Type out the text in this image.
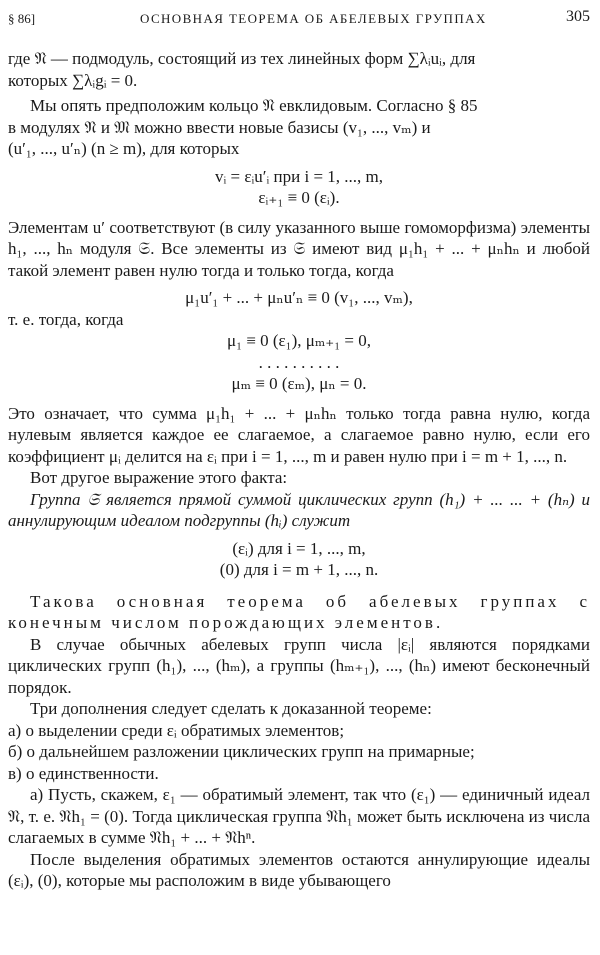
§ 86]	ОСНОВНАЯ ТЕОРЕМА ОБ АБЕЛЕВЫХ ГРУППАХ	305

где 𝔑 — подмодуль, состоящий из тех линейных форм ∑λᵢuᵢ, для

которых ∑λᵢgᵢ = 0.

Мы опять предположим кольцо 𝔑 евклидовым. Согласно § 85

в модулях 𝔑 и 𝔐 можно ввести новые базисы (v₁, ..., vₘ) и

(u′₁, ..., u′ₙ) (n ≥ m), для которых

vᵢ = εᵢu′ᵢ при i = 1, ..., m,

εᵢ₊₁ ≡ 0 (εᵢ).

Элементам u′ соответствуют (в силу указанного выше гомоморфизма) элементы h₁, ..., hₙ модуля 𝔖. Все элементы из 𝔖 имеют вид μ₁h₁ + ... + μₙhₙ и любой такой элемент равен нулю тогда и только тогда, когда

μ₁u′₁ + ... + μₙu′ₙ ≡ 0 (v₁, ..., vₘ),

т. е. тогда, когда

μ₁ ≡ 0 (ε₁), μₘ₊₁ = 0,

. . . . . . . . . .

μₘ ≡ 0 (εₘ), μₙ = 0.

Это означает, что сумма μ₁h₁ + ... + μₙhₙ только тогда равна нулю, когда нулевым является каждое ее слагаемое, а слагаемое равно нулю, если его коэффициент μᵢ делится на εᵢ при i = 1, ..., m и равен нулю при i = m + 1, ..., n.

Вот другое выражение этого факта:

Группа 𝔖 является прямой суммой циклических групп (h₁) + ... ... + (hₙ) и аннулирующим идеалом подгруппы (hᵢ) служит

(εᵢ) для i = 1, ..., m,

(0) для i = m + 1, ..., n.

Такова основная теорема об абелевых группах с конечным числом порождающих элементов.

В случае обычных абелевых групп числа |εᵢ| являются порядками циклических групп (h₁), ..., (hₘ), а группы (hₘ₊₁), ..., (hₙ) имеют бесконечный порядок.

Три дополнения следует сделать к доказанной теореме:

а) о выделении среди εᵢ обратимых элементов;

б) о дальнейшем разложении циклических групп на примарные;

в) о единственности.

а) Пусть, скажем, ε₁ — обратимый элемент, так что (ε₁) — единичный идеал 𝔑, т. е. 𝔑h₁ = (0). Тогда циклическая группа 𝔑h₁ может быть исключена из числа слагаемых в сумме 𝔑h₁ + ... + 𝔑hⁿ.

После выделения обратимых элементов остаются аннулирующие идеалы (εᵢ), (0), которые мы расположим в виде убывающего
